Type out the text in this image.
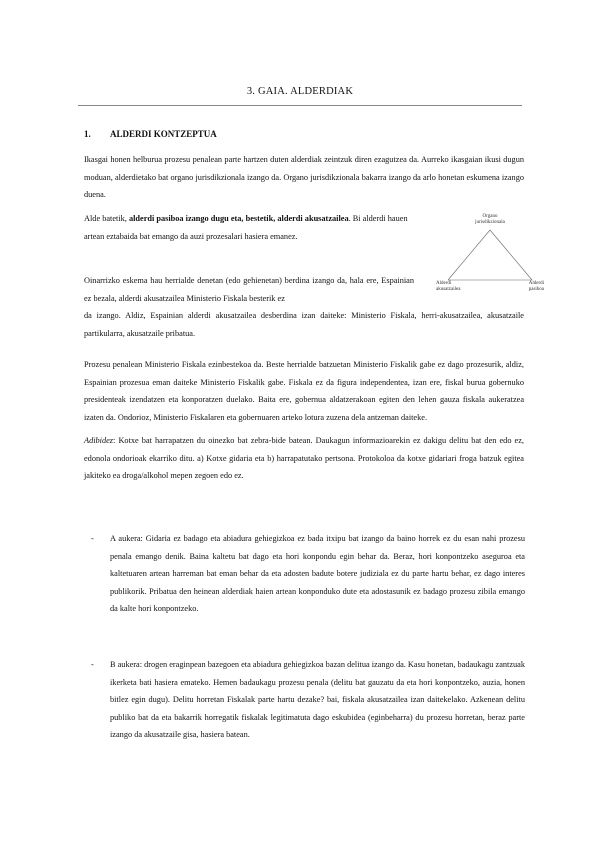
3. GAIA. ALDERDIAK
1. ALDERDI KONTZEPTUA

Ikasgai honen helburua prozesu penalean parte hartzen duten alderdiak zeintzuk diren ezagutzea da. Aurreko ikasgaian ikusi dugun moduan, alderdietako bat organo jurisdikzionala izango da. Organo jurisdikzionala bakarra izango da arlo honetan eskumena izango duena.

Alde batetik, alderdi pasiboa izango dugu eta, bestetik, alderdi akusatzailea. Bi alderdi hauen artean eztabaida bat emango da auzi prozesalari hasiera emanez.
Oinarrizko eskema hau herrialde denetan (edo gehienetan) berdina izango da, hala ere, Espainian ez bezala, alderdi akusatzailea Ministerio Fiskala besterik ez

da izango. Aldiz, Espainian alderdi akusatzailea desberdina izan daiteke: Ministerio Fiskala, herri-akusatzailea, akusatzaile partikularra, akusatzaile pribatua.

Organo
jurisdikzionala
Alderdi
akusatzailea
Alderdi
pasiboa

Prozesu penalean Ministerio Fiskala ezinbestekoa da. Beste herrialde batzuetan Ministerio Fiskalik gabe ez dago prozesurik, aldiz, Espainian prozesua eman daiteke Ministerio Fiskalik gabe. Fiskala ez da figura independentea, izan ere, fiskal burua gobernuko presidenteak izendatzen eta konporatzen duelako. Baita ere, gobernua aldatzerakoan egiten den lehen gauza fiskala aukeratzea izaten da. Ondorioz, Ministerio Fiskalaren eta gobernuaren arteko lotura zuzena dela antzeman daiteke.

Adibidez: Kotxe bat harrapatzen du oinezko bat zebra-bide batean. Daukagun informazioarekin ez dakigu delitu bat den edo ez, edonola ondorioak ekarriko ditu. a) Kotxe gidaria eta b) harrapatutako pertsona. Protokoloa da kotxe gidariari froga batzuk egitea jakiteko ea droga/alkohol mepen zegoen edo ez.

- A aukera: Gidaria ez badago eta abiadura gehiegizkoa ez bada itxipu bat izango da baino horrek ez du esan nahi prozesu penala emango denik. Baina kaltetu bat dago eta hori konpondu egin behar da. Beraz, hori konpontzeko aseguroa eta kaltetuaren artean harreman bat eman behar da eta adosten badute botere judiziala ez du parte hartu behar, ez dago interes publikorik. Pribatua den heinean alderdiak haien artean konponduko dute eta adostasunik ez badago prozesu zibila emango da kalte hori konpontzeko.
- B aukera: drogen eraginpean bazegoen eta abiadura gehiegizkoa bazan delitua izango da. Kasu honetan, badaukagu zantzuak ikerketa bati hasiera emateko. Hemen badaukagu prozesu penala (delitu bat gauzatu da eta hori konpontzeko, auzia, honen bitlez egin dugu). Delitu horretan Fiskalak parte hartu dezake? bai, fiskala akusatzailea izan daitekelako. Azkenean delitu publiko bat da eta bakarrik horregatik fiskalak legitimatuta dago eskubidea (eginbeharra) du prozesu horretan, beraz parte izango da akusatzaile gisa, hasiera batean.
